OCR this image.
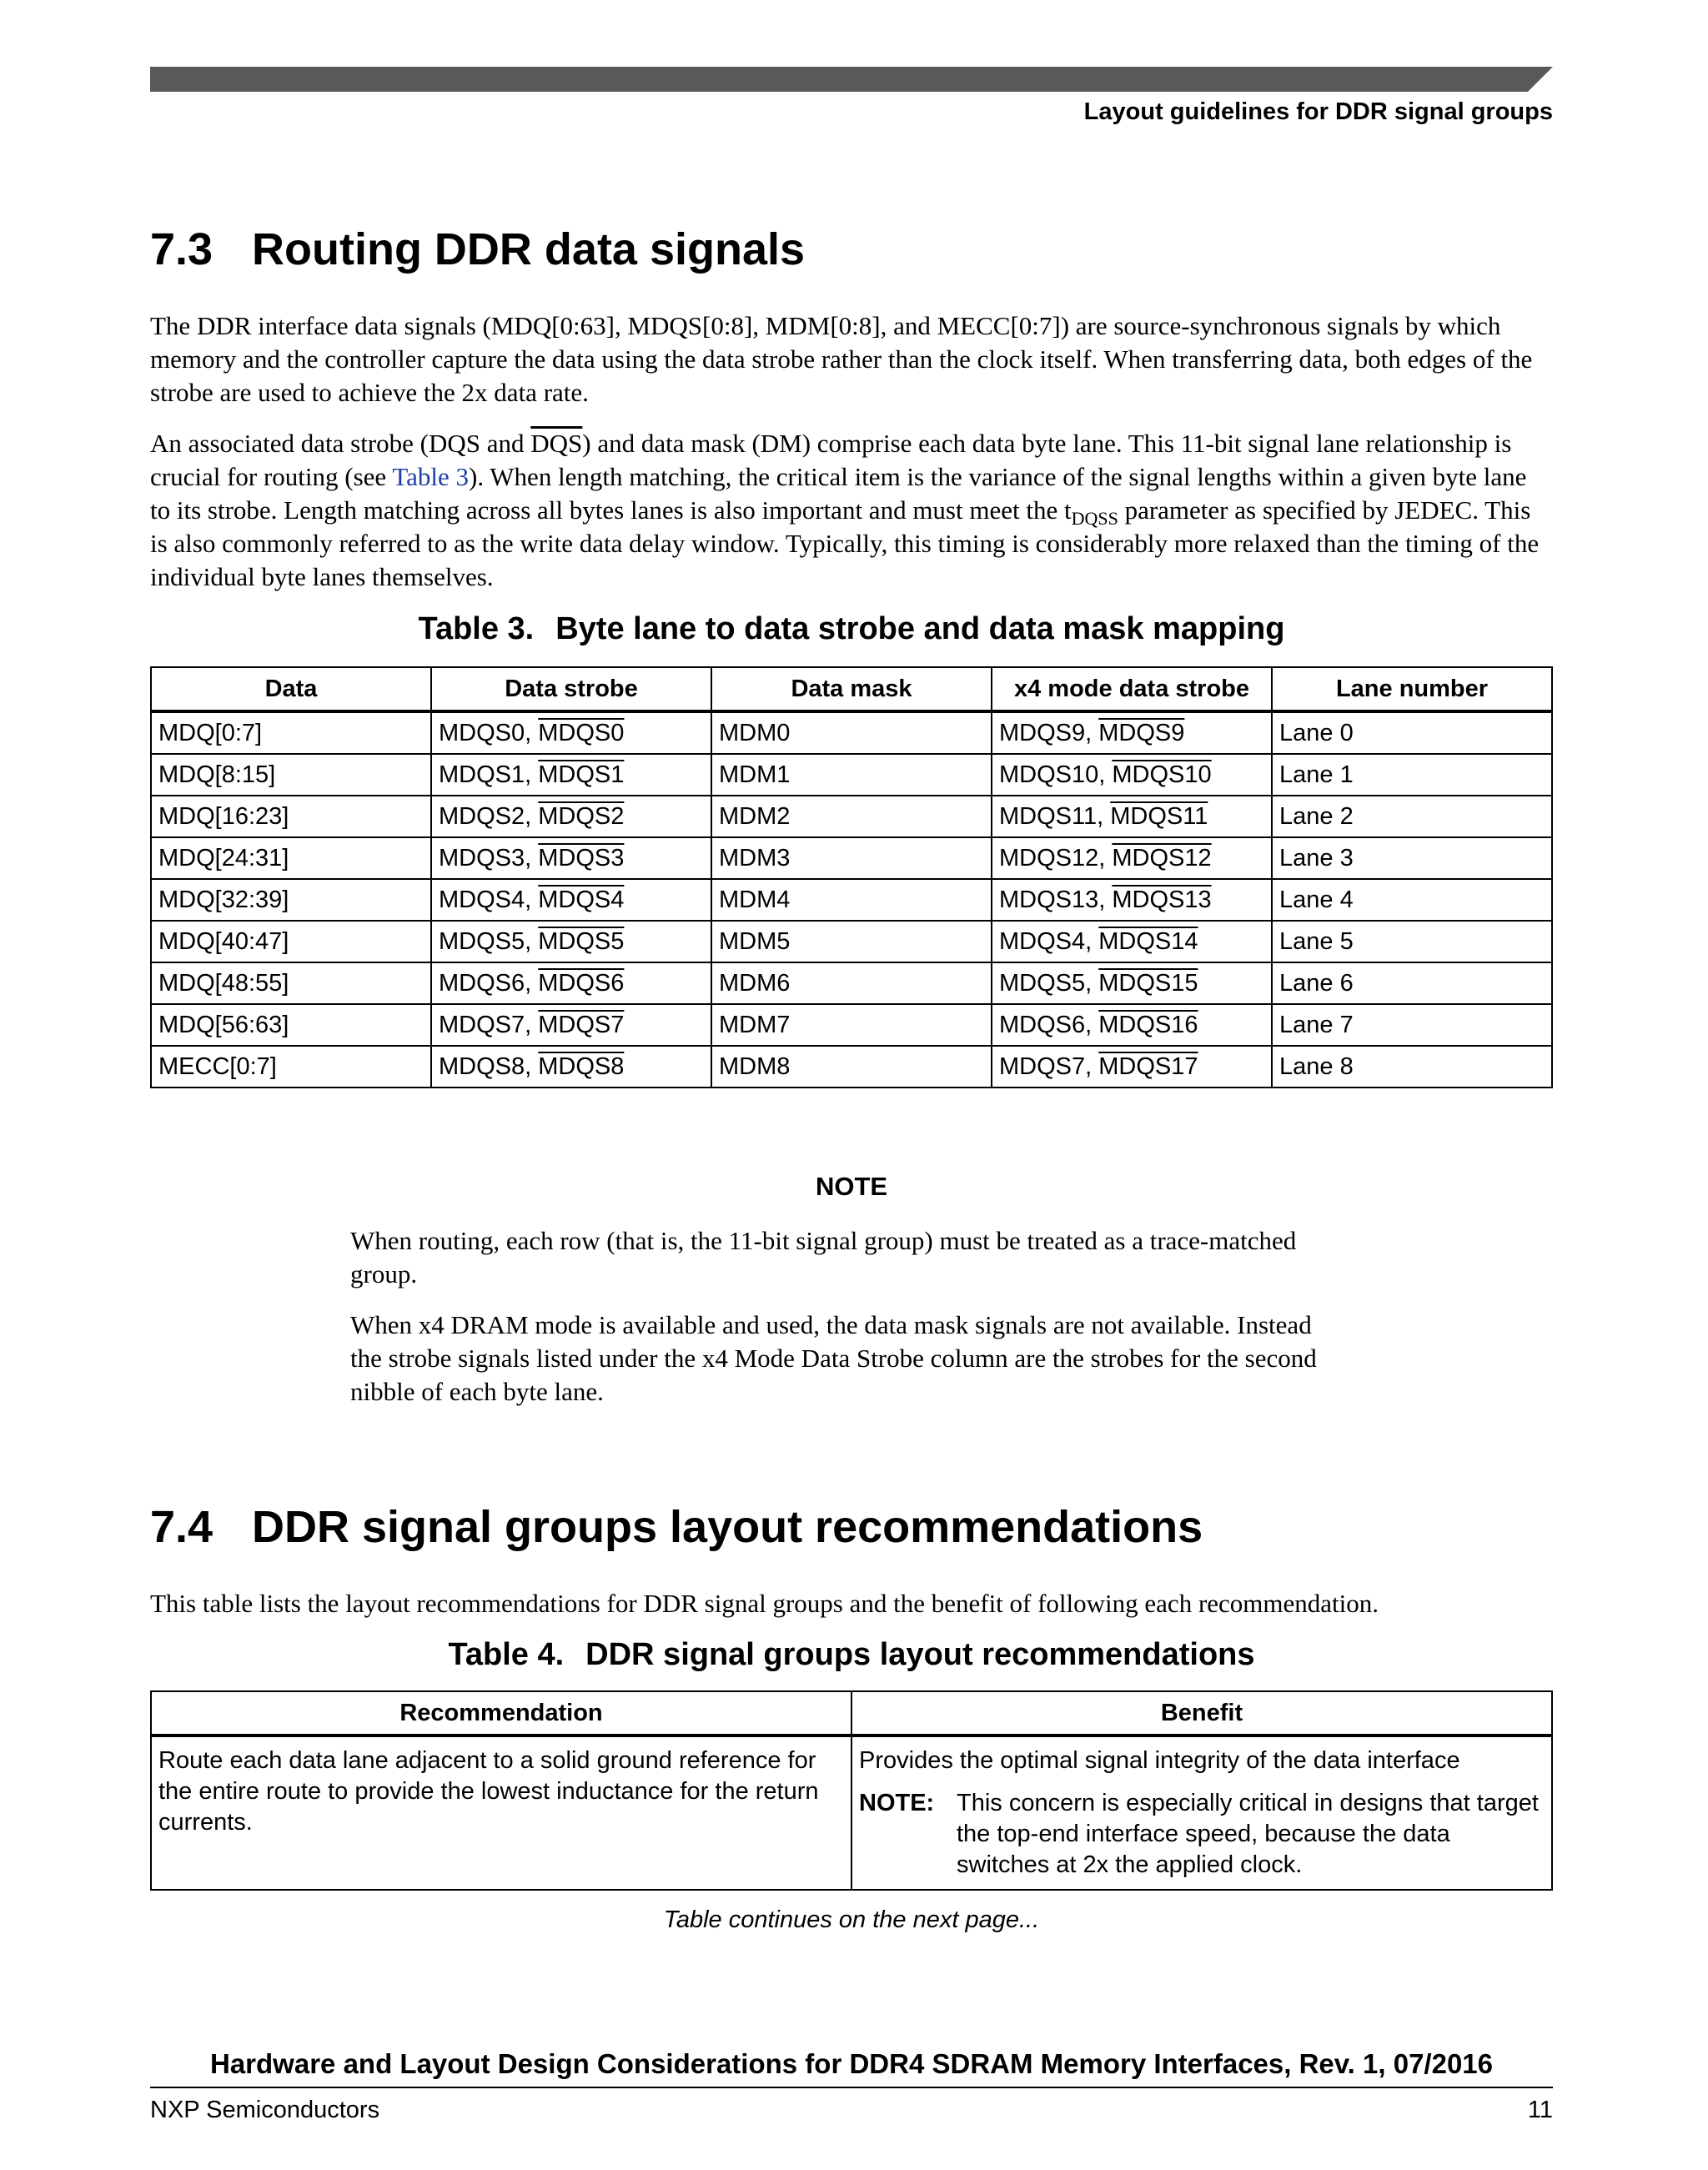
Layout guidelines for DDR signal groups
7.3 Routing DDR data signals

The DDR interface data signals (MDQ[0:63], MDQS[0:8], MDM[0:8], and MECC[0:7]) are source-synchronous signals by which memory and the controller capture the data using the data strobe rather than the clock itself. When transferring data, both edges of the strobe are used to achieve the 2x data rate.

An associated data strobe (DQS and $\overline{DQS}$) and data mask (DM) comprise each data byte lane. This 11-bit signal lane relationship is crucial for routing (see Table 3). When length matching, the critical item is the variance of the signal lengths within a given byte lane to its strobe. Length matching across all bytes lanes is also important and must meet the $t_{DQSS}$ parameter as specified by JEDEC. This is also commonly referred to as the write data delay window. Typically, this timing is considerably more relaxed than the timing of the individual byte lanes themselves.

Table 3. Byte lane to data strobe and data mask mapping
Data	Data strobe	Data mask	x4 mode data strobe	Lane number
MDQ[0:7]	MDQS0, MDQS0	MDM0	MDQS9, MDQS9	Lane 0
MDQ[8:15]	MDQS1, MDQS1	MDM1	MDQS10, MDQS10	Lane 1
MDQ[16:23]	MDQS2, MDQS2	MDM2	MDQS11, MDQS11	Lane 2
MDQ[24:31]	MDQS3, MDQS3	MDM3	MDQS12, MDQS12	Lane 3
MDQ[32:39]	MDQS4, MDQS4	MDM4	MDQS13, MDQS13	Lane 4
MDQ[40:47]	MDQS5, MDQS5	MDM5	MDQS4, MDQS14	Lane 5
MDQ[48:55]	MDQS6, MDQS6	MDM6	MDQS5, MDQS15	Lane 6
MDQ[56:63]	MDQS7, MDQS7	MDM7	MDQS6, MDQS16	Lane 7
MECC[0:7]	MDQS8, MDQS8	MDM8	MDQS7, MDQS17	Lane 8
NOTE

When routing, each row (that is, the 11-bit signal group) must be treated as a trace-matched group.

When x4 DRAM mode is available and used, the data mask signals are not available. Instead the strobe signals listed under the x4 Mode Data Strobe column are the strobes for the second nibble of each byte lane.

7.4 DDR signal groups layout recommendations

This table lists the layout recommendations for DDR signal groups and the benefit of following each recommendation.

Table 4. DDR signal groups layout recommendations
Recommendation	Benefit
Route each data lane adjacent to a solid ground reference for the entire route to provide the lowest inductance for the return currents.	Provides the optimal signal integrity of the data interface
NOTE: This concern is especially critical in designs that target the top-end interface speed, because the data switches at 2x the applied clock.
Table continues on the next page...
Hardware and Layout Design Considerations for DDR4 SDRAM Memory Interfaces, Rev. 1, 07/2016
NXP Semiconductors	11
